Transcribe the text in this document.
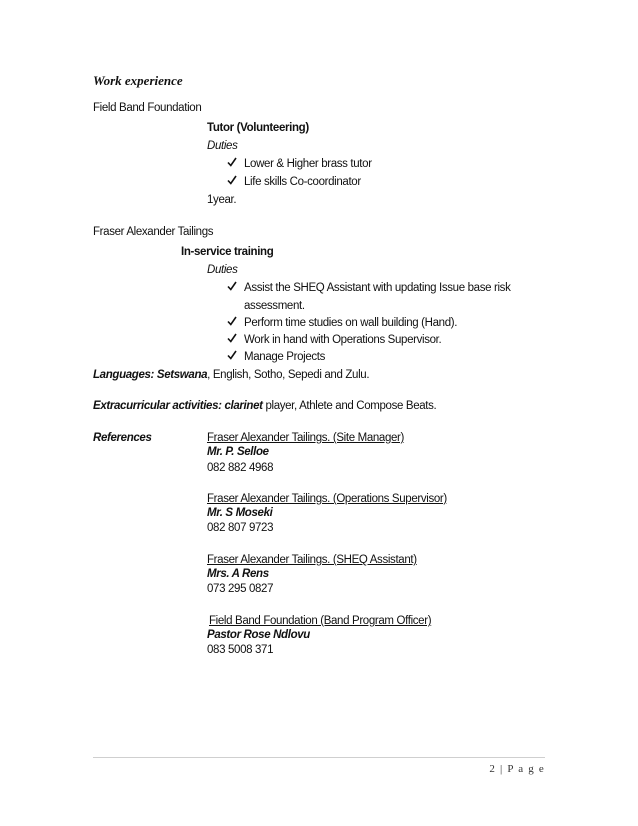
Work experience
Field Band Foundation
Tutor (Volunteering)
Duties
Lower & Higher brass tutor
Life skills Co-coordinator
1year.
Fraser Alexander Tailings
In-service training
Duties
Assist the SHEQ Assistant with updating Issue base risk
assessment.
Perform time studies on wall building (Hand).
Work in hand with Operations Supervisor.
Manage Projects
Languages: Setswana, English, Sotho, Sepedi and Zulu.
Extracurricular activities: clarinet player, Athlete and Compose Beats.
References	Fraser Alexander Tailings. (Site Manager)
Mr. P. Selloe
082 882 4968
Fraser Alexander Tailings. (Operations Supervisor)
Mr. S Moseki
082 807 9723
Fraser Alexander Tailings. (SHEQ Assistant)
Mrs. A Rens
073 295 0827
Field Band Foundation (Band Program Officer)
Pastor Rose Ndlovu
083 5008 371
2 | P a g e
